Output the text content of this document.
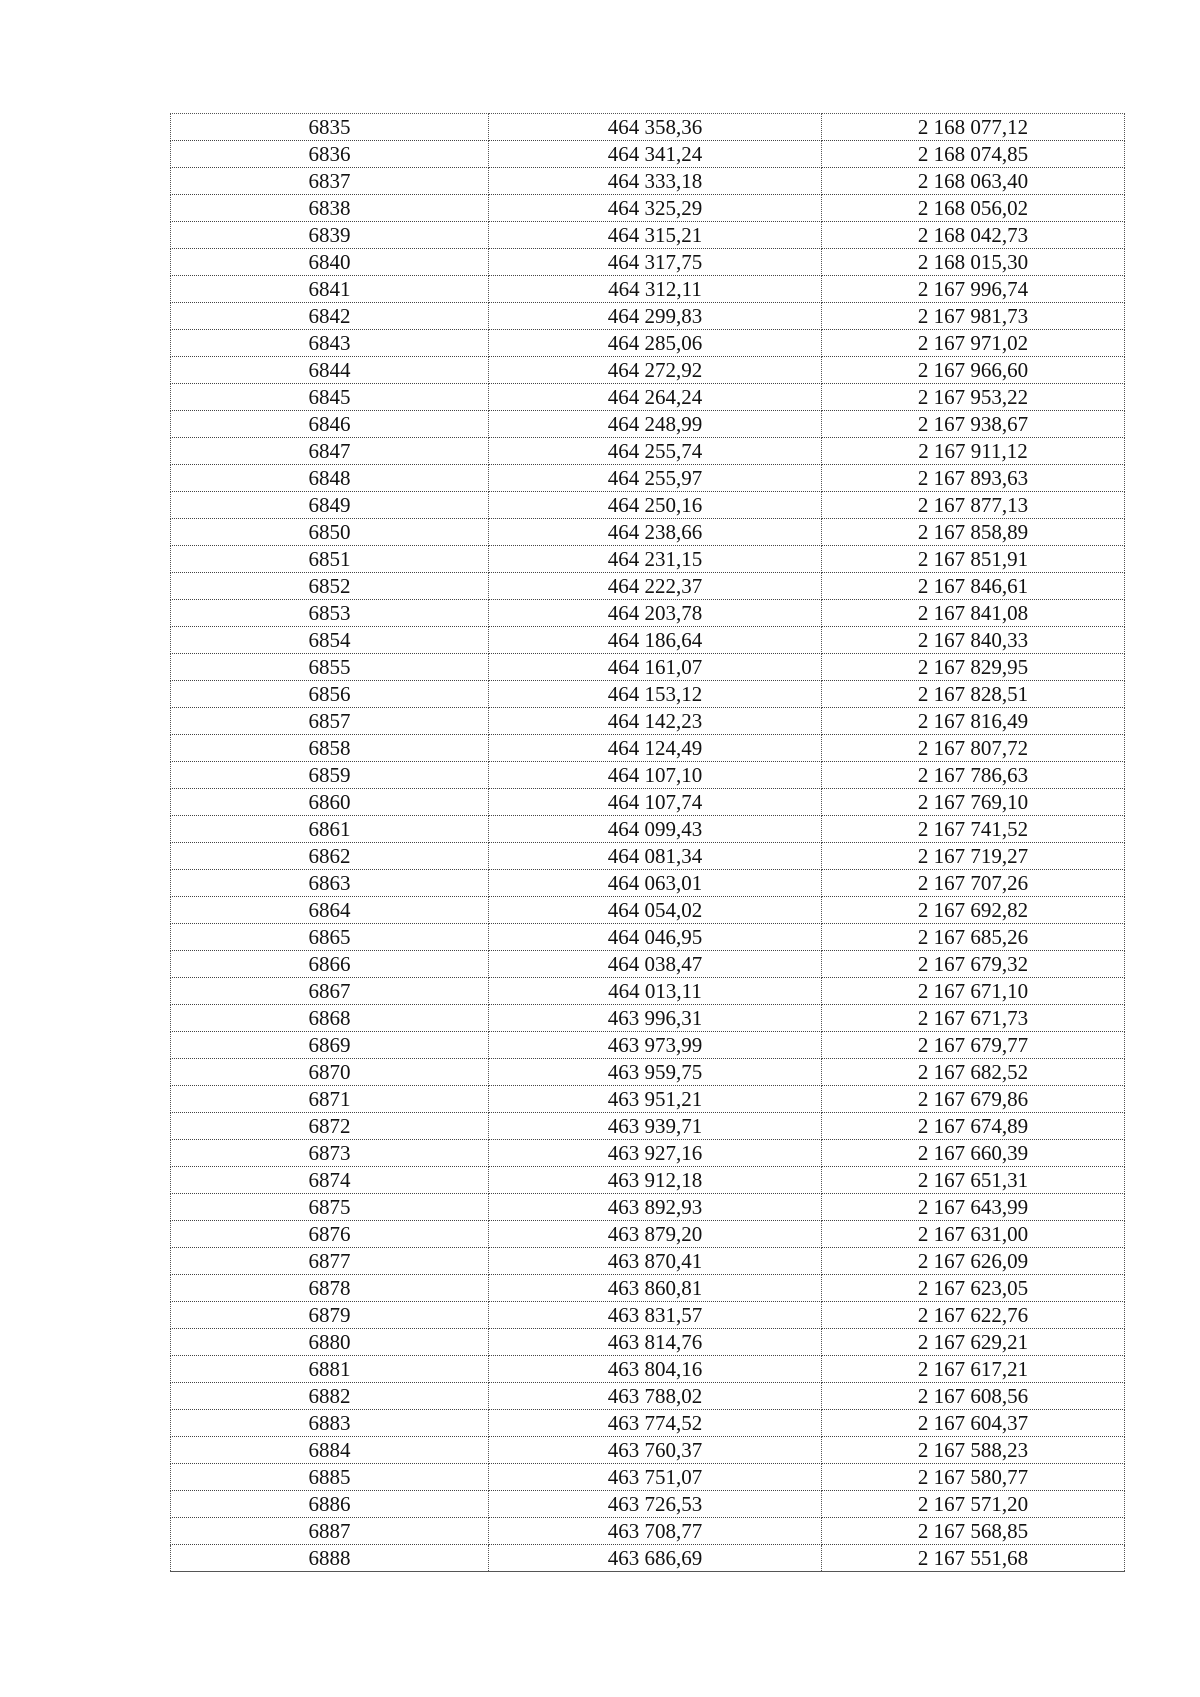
6835	464 358,36	2 168 077,12
6836	464 341,24	2 168 074,85
6837	464 333,18	2 168 063,40
6838	464 325,29	2 168 056,02
6839	464 315,21	2 168 042,73
6840	464 317,75	2 168 015,30
6841	464 312,11	2 167 996,74
6842	464 299,83	2 167 981,73
6843	464 285,06	2 167 971,02
6844	464 272,92	2 167 966,60
6845	464 264,24	2 167 953,22
6846	464 248,99	2 167 938,67
6847	464 255,74	2 167 911,12
6848	464 255,97	2 167 893,63
6849	464 250,16	2 167 877,13
6850	464 238,66	2 167 858,89
6851	464 231,15	2 167 851,91
6852	464 222,37	2 167 846,61
6853	464 203,78	2 167 841,08
6854	464 186,64	2 167 840,33
6855	464 161,07	2 167 829,95
6856	464 153,12	2 167 828,51
6857	464 142,23	2 167 816,49
6858	464 124,49	2 167 807,72
6859	464 107,10	2 167 786,63
6860	464 107,74	2 167 769,10
6861	464 099,43	2 167 741,52
6862	464 081,34	2 167 719,27
6863	464 063,01	2 167 707,26
6864	464 054,02	2 167 692,82
6865	464 046,95	2 167 685,26
6866	464 038,47	2 167 679,32
6867	464 013,11	2 167 671,10
6868	463 996,31	2 167 671,73
6869	463 973,99	2 167 679,77
6870	463 959,75	2 167 682,52
6871	463 951,21	2 167 679,86
6872	463 939,71	2 167 674,89
6873	463 927,16	2 167 660,39
6874	463 912,18	2 167 651,31
6875	463 892,93	2 167 643,99
6876	463 879,20	2 167 631,00
6877	463 870,41	2 167 626,09
6878	463 860,81	2 167 623,05
6879	463 831,57	2 167 622,76
6880	463 814,76	2 167 629,21
6881	463 804,16	2 167 617,21
6882	463 788,02	2 167 608,56
6883	463 774,52	2 167 604,37
6884	463 760,37	2 167 588,23
6885	463 751,07	2 167 580,77
6886	463 726,53	2 167 571,20
6887	463 708,77	2 167 568,85
6888	463 686,69	2 167 551,68
